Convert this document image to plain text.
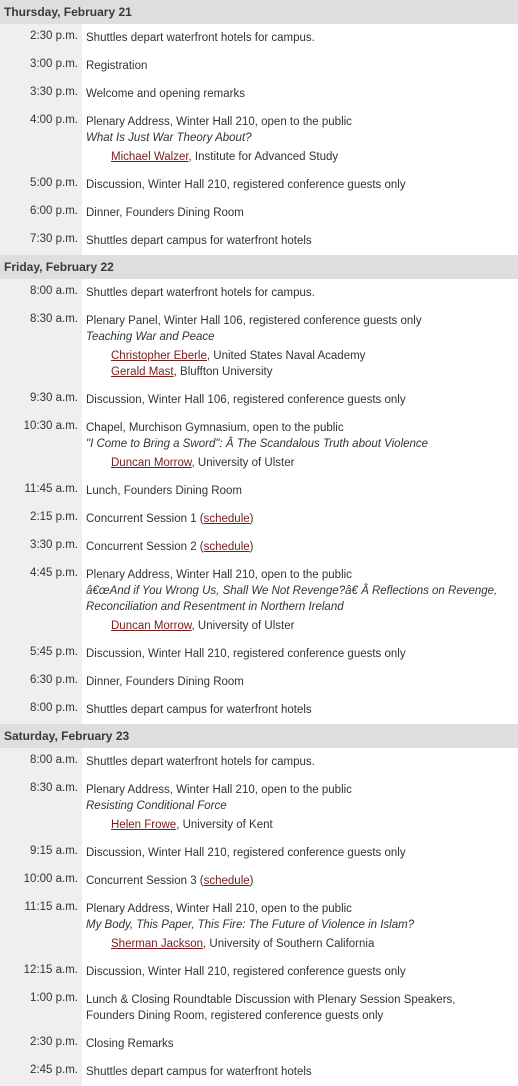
Thursday, February 21
2:30 p.m. Shuttles depart waterfront hotels for campus.
3:00 p.m. Registration
3:30 p.m. Welcome and opening remarks
4:00 p.m. Plenary Address, Winter Hall 210, open to the public
What Is Just War Theory About?
Michael Walzer, Institute for Advanced Study
5:00 p.m. Discussion, Winter Hall 210, registered conference guests only
6:00 p.m. Dinner, Founders Dining Room
7:30 p.m. Shuttles depart campus for waterfront hotels
Friday, February 22
8:00 a.m. Shuttles depart waterfront hotels for campus.
8:30 a.m. Plenary Panel, Winter Hall 106, registered conference guests only
Teaching War and Peace
Christopher Eberle, United States Naval Academy
Gerald Mast, Bluffton University
9:30 a.m. Discussion, Winter Hall 106, registered conference guests only
10:30 a.m. Chapel, Murchison Gymnasium, open to the public
"I Come to Bring a Sword": Â The Scandalous Truth about Violence
Duncan Morrow, University of Ulster
11:45 a.m. Lunch, Founders Dining Room
2:15 p.m. Concurrent Session 1 (schedule)
3:30 p.m. Concurrent Session 2 (schedule)
4:45 p.m. Plenary Address, Winter Hall 210, open to the public
â€œAnd if You Wrong Us, Shall We Not Revenge?â€ Â Reflections on Revenge,
Reconciliation and Resentment in Northern Ireland
Duncan Morrow, University of Ulster
5:45 p.m. Discussion, Winter Hall 210, registered conference guests only
6:30 p.m. Dinner, Founders Dining Room
8:00 p.m. Shuttles depart campus for waterfront hotels
Saturday, February 23
8:00 a.m. Shuttles depart waterfront hotels for campus.
8:30 a.m. Plenary Address, Winter Hall 210, open to the public
Resisting Conditional Force
Helen Frowe, University of Kent
9:15 a.m. Discussion, Winter Hall 210, registered conference guests only
10:00 a.m. Concurrent Session 3 (schedule)
11:15 a.m. Plenary Address, Winter Hall 210, open to the public
My Body, This Paper, This Fire: The Future of Violence in Islam?
Sherman Jackson, University of Southern California
12:15 a.m. Discussion, Winter Hall 210, registered conference guests only
1:00 p.m. Lunch & Closing Roundtable Discussion with Plenary Session Speakers,
Founders Dining Room, registered conference guests only
2:30 p.m. Closing Remarks
2:45 p.m. Shuttles depart campus for waterfront hotels
